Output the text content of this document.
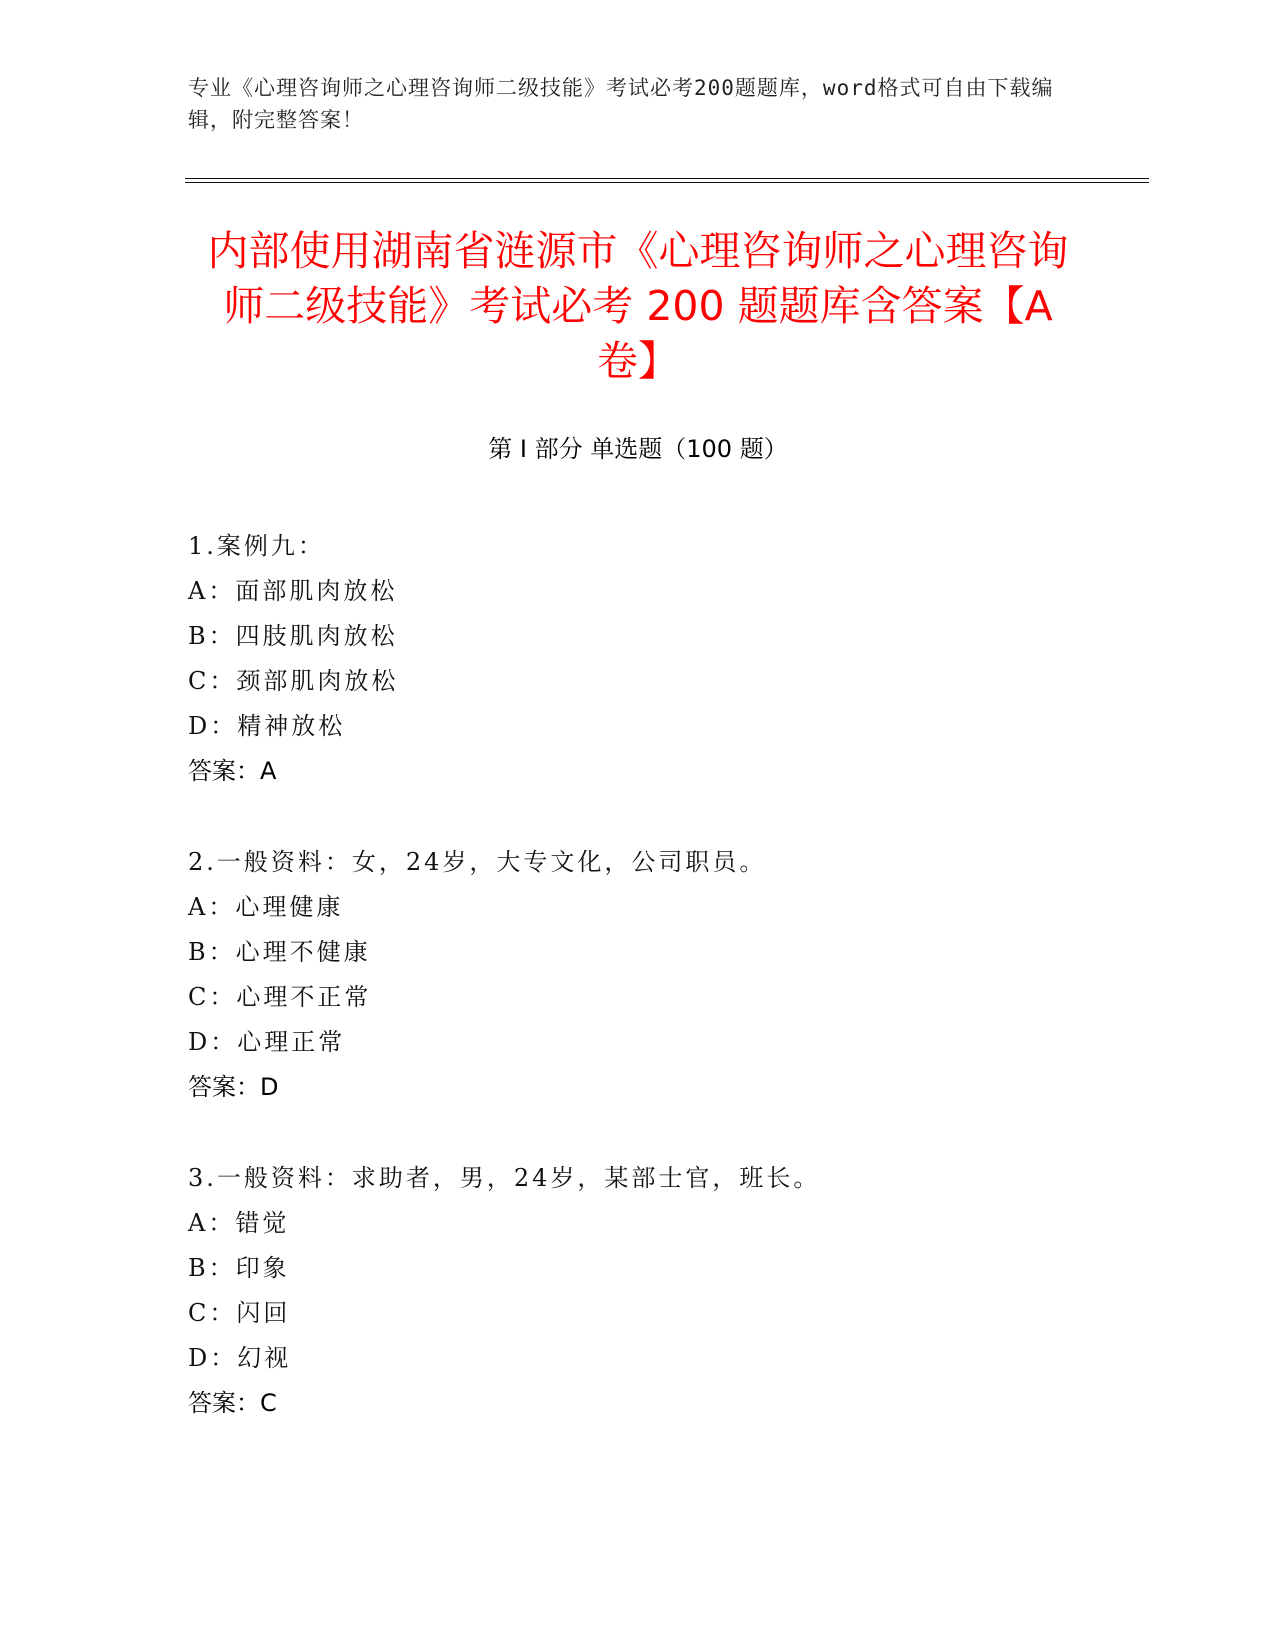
专业《心理咨询师之心理咨询师二级技能》考试必考200题题库，word格式可自由下载编辑，附完整答案！
内部使用湖南省涟源市《心理咨询师之心理咨询师二级技能》考试必考 200 题题库含答案【A 卷】
第 I 部分 单选题（100 题）
1.案例九：
A：面部肌肉放松
B：四肢肌肉放松
C：颈部肌肉放松
D：精神放松
答案：A
2.一般资料：女，24岁，大专文化，公司职员。
A：心理健康
B：心理不健康
C：心理不正常
D：心理正常
答案：D
3.一般资料：求助者，男，24岁，某部士官，班长。
A：错觉
B：印象
C：闪回
D：幻视
答案：C
